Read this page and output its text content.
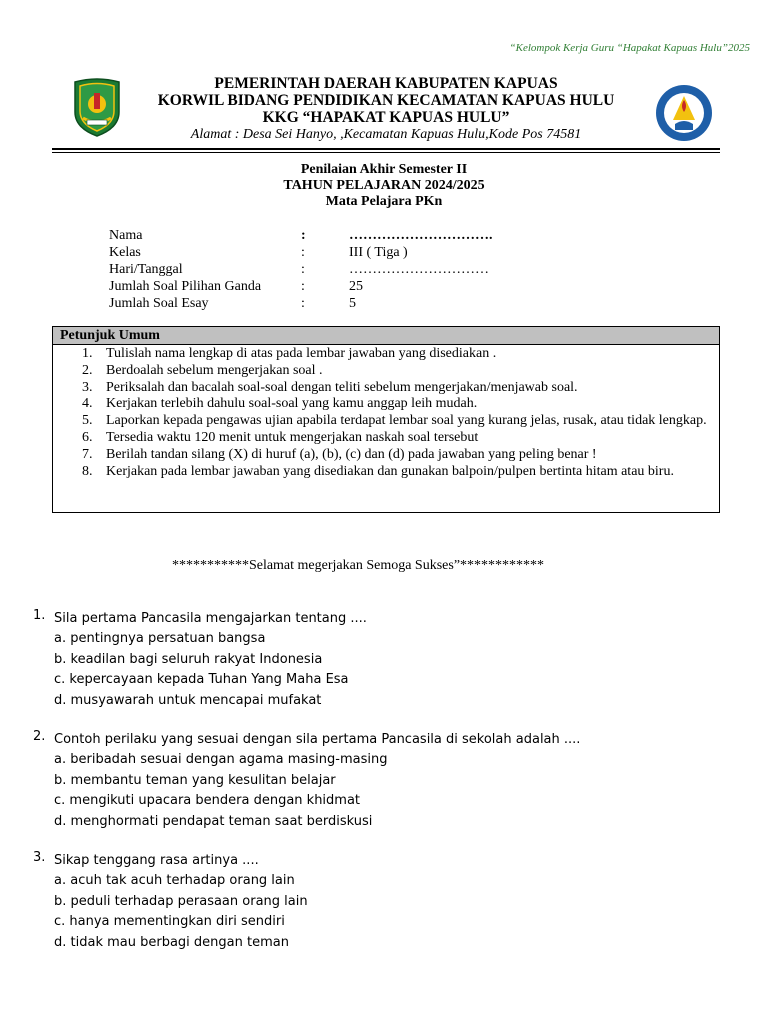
“Kelompok Kerja Guru “Hapakat Kapuas Hulu”2025
PEMERINTAH DAERAH KABUPATEN KAPUAS
KORWIL BIDANG PENDIDIKAN KECAMATAN KAPUAS HULU
KKG “HAPAKAT KAPUAS HULU”
Alamat : Desa Sei Hanyo, ,Kecamatan Kapuas Hulu,Kode Pos 74581
Penilaian Akhir Semester II
TAHUN PELAJARAN 2024/2025
Mata Pelajara PKn
Nama	:	………………………….
Kelas	:	III ( Tiga )
Hari/Tanggal	:	…………………………
Jumlah Soal Pilihan Ganda	:	25
Jumlah Soal Esay	:	5
Petunjuk Umum
1. Tulislah nama lengkap di atas pada lembar jawaban yang disediakan .
2. Berdoalah sebelum mengerjakan soal .
3. Periksalah dan bacalah soal-soal dengan teliti sebelum mengerjakan/menjawab soal.
4. Kerjakan terlebih dahulu soal-soal yang kamu anggap leih mudah.
5. Laporkan kepada pengawas ujian apabila terdapat lembar soal yang kurang jelas, rusak, atau tidak lengkap.
6. Tersedia waktu 120 menit untuk mengerjakan naskah soal tersebut
7. Berilah tandan silang (X) di huruf (a), (b), (c) dan (d) pada jawaban yang peling benar !
8. Kerjakan pada lembar jawaban yang disediakan dan gunakan balpoin/pulpen bertinta hitam atau biru.
***********Selamat megerjakan Semoga Sukses”************
1. Sila pertama Pancasila mengajarkan tentang ....
a. pentingnya persatuan bangsa
b. keadilan bagi seluruh rakyat Indonesia
c. kepercayaan kepada Tuhan Yang Maha Esa
d. musyawarah untuk mencapai mufakat
2. Contoh perilaku yang sesuai dengan sila pertama Pancasila di sekolah adalah ....
a. beribadah sesuai dengan agama masing-masing
b. membantu teman yang kesulitan belajar
c. mengikuti upacara bendera dengan khidmat
d. menghormati pendapat teman saat berdiskusi
3. Sikap tenggang rasa artinya ....
a. acuh tak acuh terhadap orang lain
b. peduli terhadap perasaan orang lain
c. hanya mementingkan diri sendiri
d. tidak mau berbagi dengan teman
